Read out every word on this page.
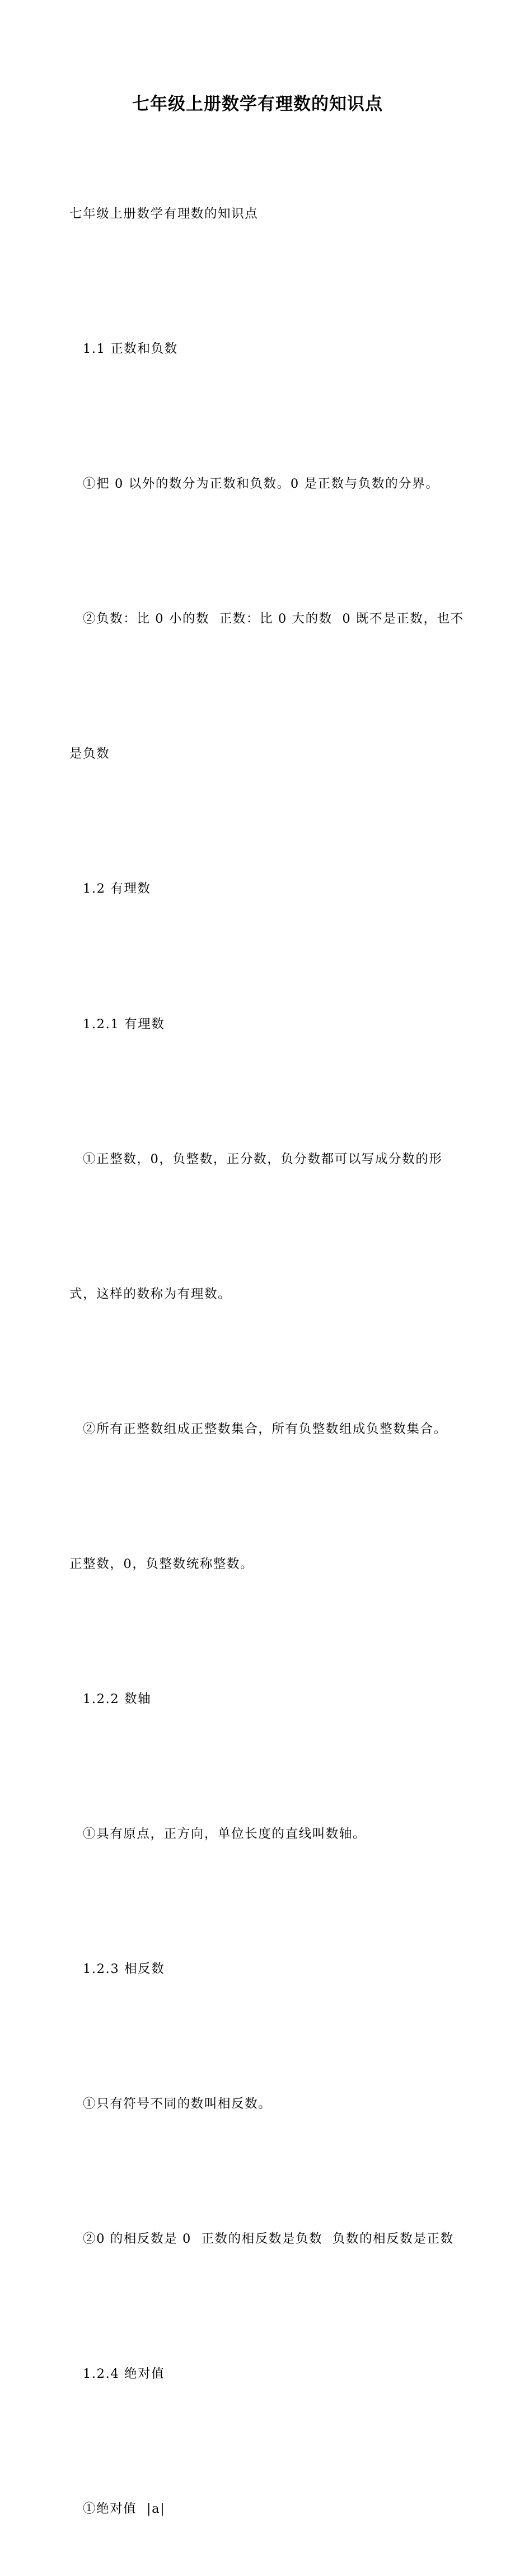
七年级上册数学有理数的知识点

七年级上册数学有理数的知识点

1.1 正数和负数

①把 0 以外的数分为正数和负数。0 是正数与负数的分界。

②负数：比 0 小的数  正数：比 0 大的数  0 既不是正数，也不

是负数

1.2 有理数

1.2.1 有理数

①正整数，0，负整数，正分数，负分数都可以写成分数的形

式，这样的数称为有理数。

②所有正整数组成正整数集合，所有负整数组成负整数集合。

正整数，0，负整数统称整数。

1.2.2 数轴

①具有原点，正方向，单位长度的直线叫数轴。

1.2.3 相反数

①只有符号不同的数叫相反数。

②0 的相反数是 0  正数的相反数是负数  负数的相反数是正数

1.2.4 绝对值

①绝对值  |a|
